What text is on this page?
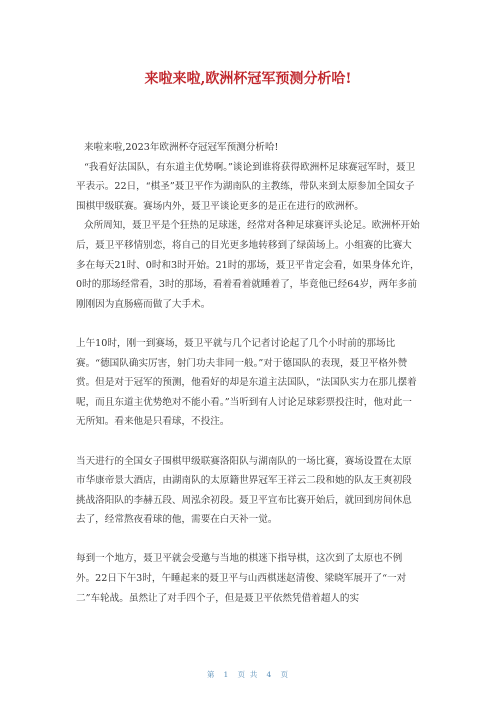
来啦来啦,欧洲杯冠军预测分析哈!

来啦来啦,2023年欧洲杯夺冠冠军预测分析哈!

“我看好法国队，有东道主优势啊。”谈论到谁将获得欧洲杯足球赛冠军时，聂卫平表示。22日，“棋圣”聂卫平作为湖南队的主教练，带队来到太原参加全国女子围棋甲级联赛。赛场内外，聂卫平谈论更多的是正在进行的欧洲杯。

众所周知，聂卫平是个狂热的足球迷，经常对各种足球赛评头论足。欧洲杯开始后，聂卫平移情别恋，将自己的目光更多地转移到了绿茵场上。小组赛的比赛大多在每天21时、0时和3时开始。21时的那场，聂卫平肯定会看，如果身体允许，0时的那场经常看，3时的那场，看着看着就睡着了，毕竟他已经64岁，两年多前刚刚因为直肠癌而做了大手术。

上午10时，刚一到赛场，聂卫平就与几个记者讨论起了几个小时前的那场比赛。“德国队确实厉害，射门功夫非同一般。”对于德国队的表现，聂卫平格外赞赏。但是对于冠军的预测，他看好的却是东道主法国队，“法国队实力在那儿摆着呢，而且东道主优势绝对不能小看。”当听到有人讨论足球彩票投注时，他对此一无所知。看来他是只看球，不投注。

当天进行的全国女子围棋甲级联赛洛阳队与湖南队的一场比赛，赛场设置在太原市华康帝景大酒店，由湖南队的太原籍世界冠军王祥云二段和她的队友王爽初段挑战洛阳队的李赫五段、周泓余初段。聂卫平宣布比赛开始后，就回到房间休息去了，经常熬夜看球的他，需要在白天补一觉。

每到一个地方，聂卫平就会受邀与当地的棋迷下指导棋，这次到了太原也不例外。22日下午3时，午睡起来的聂卫平与山西棋迷赵清俊、梁晓军展开了“一对二”车轮战。虽然让了对手四个子，但是聂卫平依然凭借着超人的实

第 1 页 共 4 页
